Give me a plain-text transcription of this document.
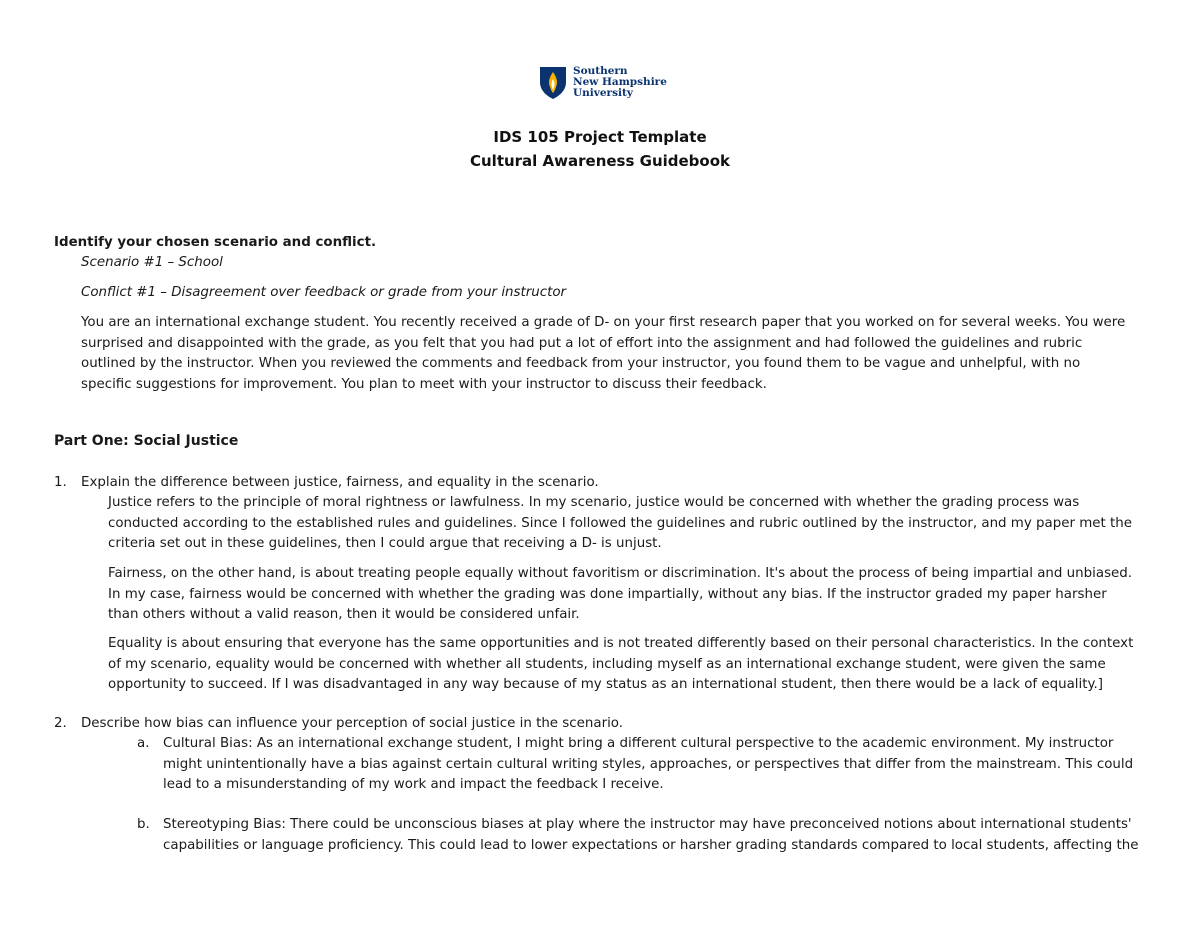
Southern
New Hampshire
University
IDS 105 Project Template
Cultural Awareness Guidebook
Identify your chosen scenario and conflict.
Scenario #1 – School
Conflict #1 – Disagreement over feedback or grade from your instructor
You are an international exchange student. You recently received a grade of D- on your first research paper that you worked on for several weeks. You were
surprised and disappointed with the grade, as you felt that you had put a lot of effort into the assignment and had followed the guidelines and rubric
outlined by the instructor. When you reviewed the comments and feedback from your instructor, you found them to be vague and unhelpful, with no
specific suggestions for improvement. You plan to meet with your instructor to discuss their feedback.
Part One: Social Justice
1. Explain the difference between justice, fairness, and equality in the scenario.
Justice refers to the principle of moral rightness or lawfulness. In my scenario, justice would be concerned with whether the grading process was
conducted according to the established rules and guidelines. Since I followed the guidelines and rubric outlined by the instructor, and my paper met the
criteria set out in these guidelines, then I could argue that receiving a D- is unjust.
Fairness, on the other hand, is about treating people equally without favoritism or discrimination. It's about the process of being impartial and unbiased.
In my case, fairness would be concerned with whether the grading was done impartially, without any bias. If the instructor graded my paper harsher
than others without a valid reason, then it would be considered unfair.
Equality is about ensuring that everyone has the same opportunities and is not treated differently based on their personal characteristics. In the context
of my scenario, equality would be concerned with whether all students, including myself as an international exchange student, were given the same
opportunity to succeed. If I was disadvantaged in any way because of my status as an international student, then there would be a lack of equality.]
2. Describe how bias can influence your perception of social justice in the scenario.
a. Cultural Bias: As an international exchange student, I might bring a different cultural perspective to the academic environment. My instructor
might unintentionally have a bias against certain cultural writing styles, approaches, or perspectives that differ from the mainstream. This could
lead to a misunderstanding of my work and impact the feedback I receive.
b. Stereotyping Bias: There could be unconscious biases at play where the instructor may have preconceived notions about international students'
capabilities or language proficiency. This could lead to lower expectations or harsher grading standards compared to local students, affecting the
